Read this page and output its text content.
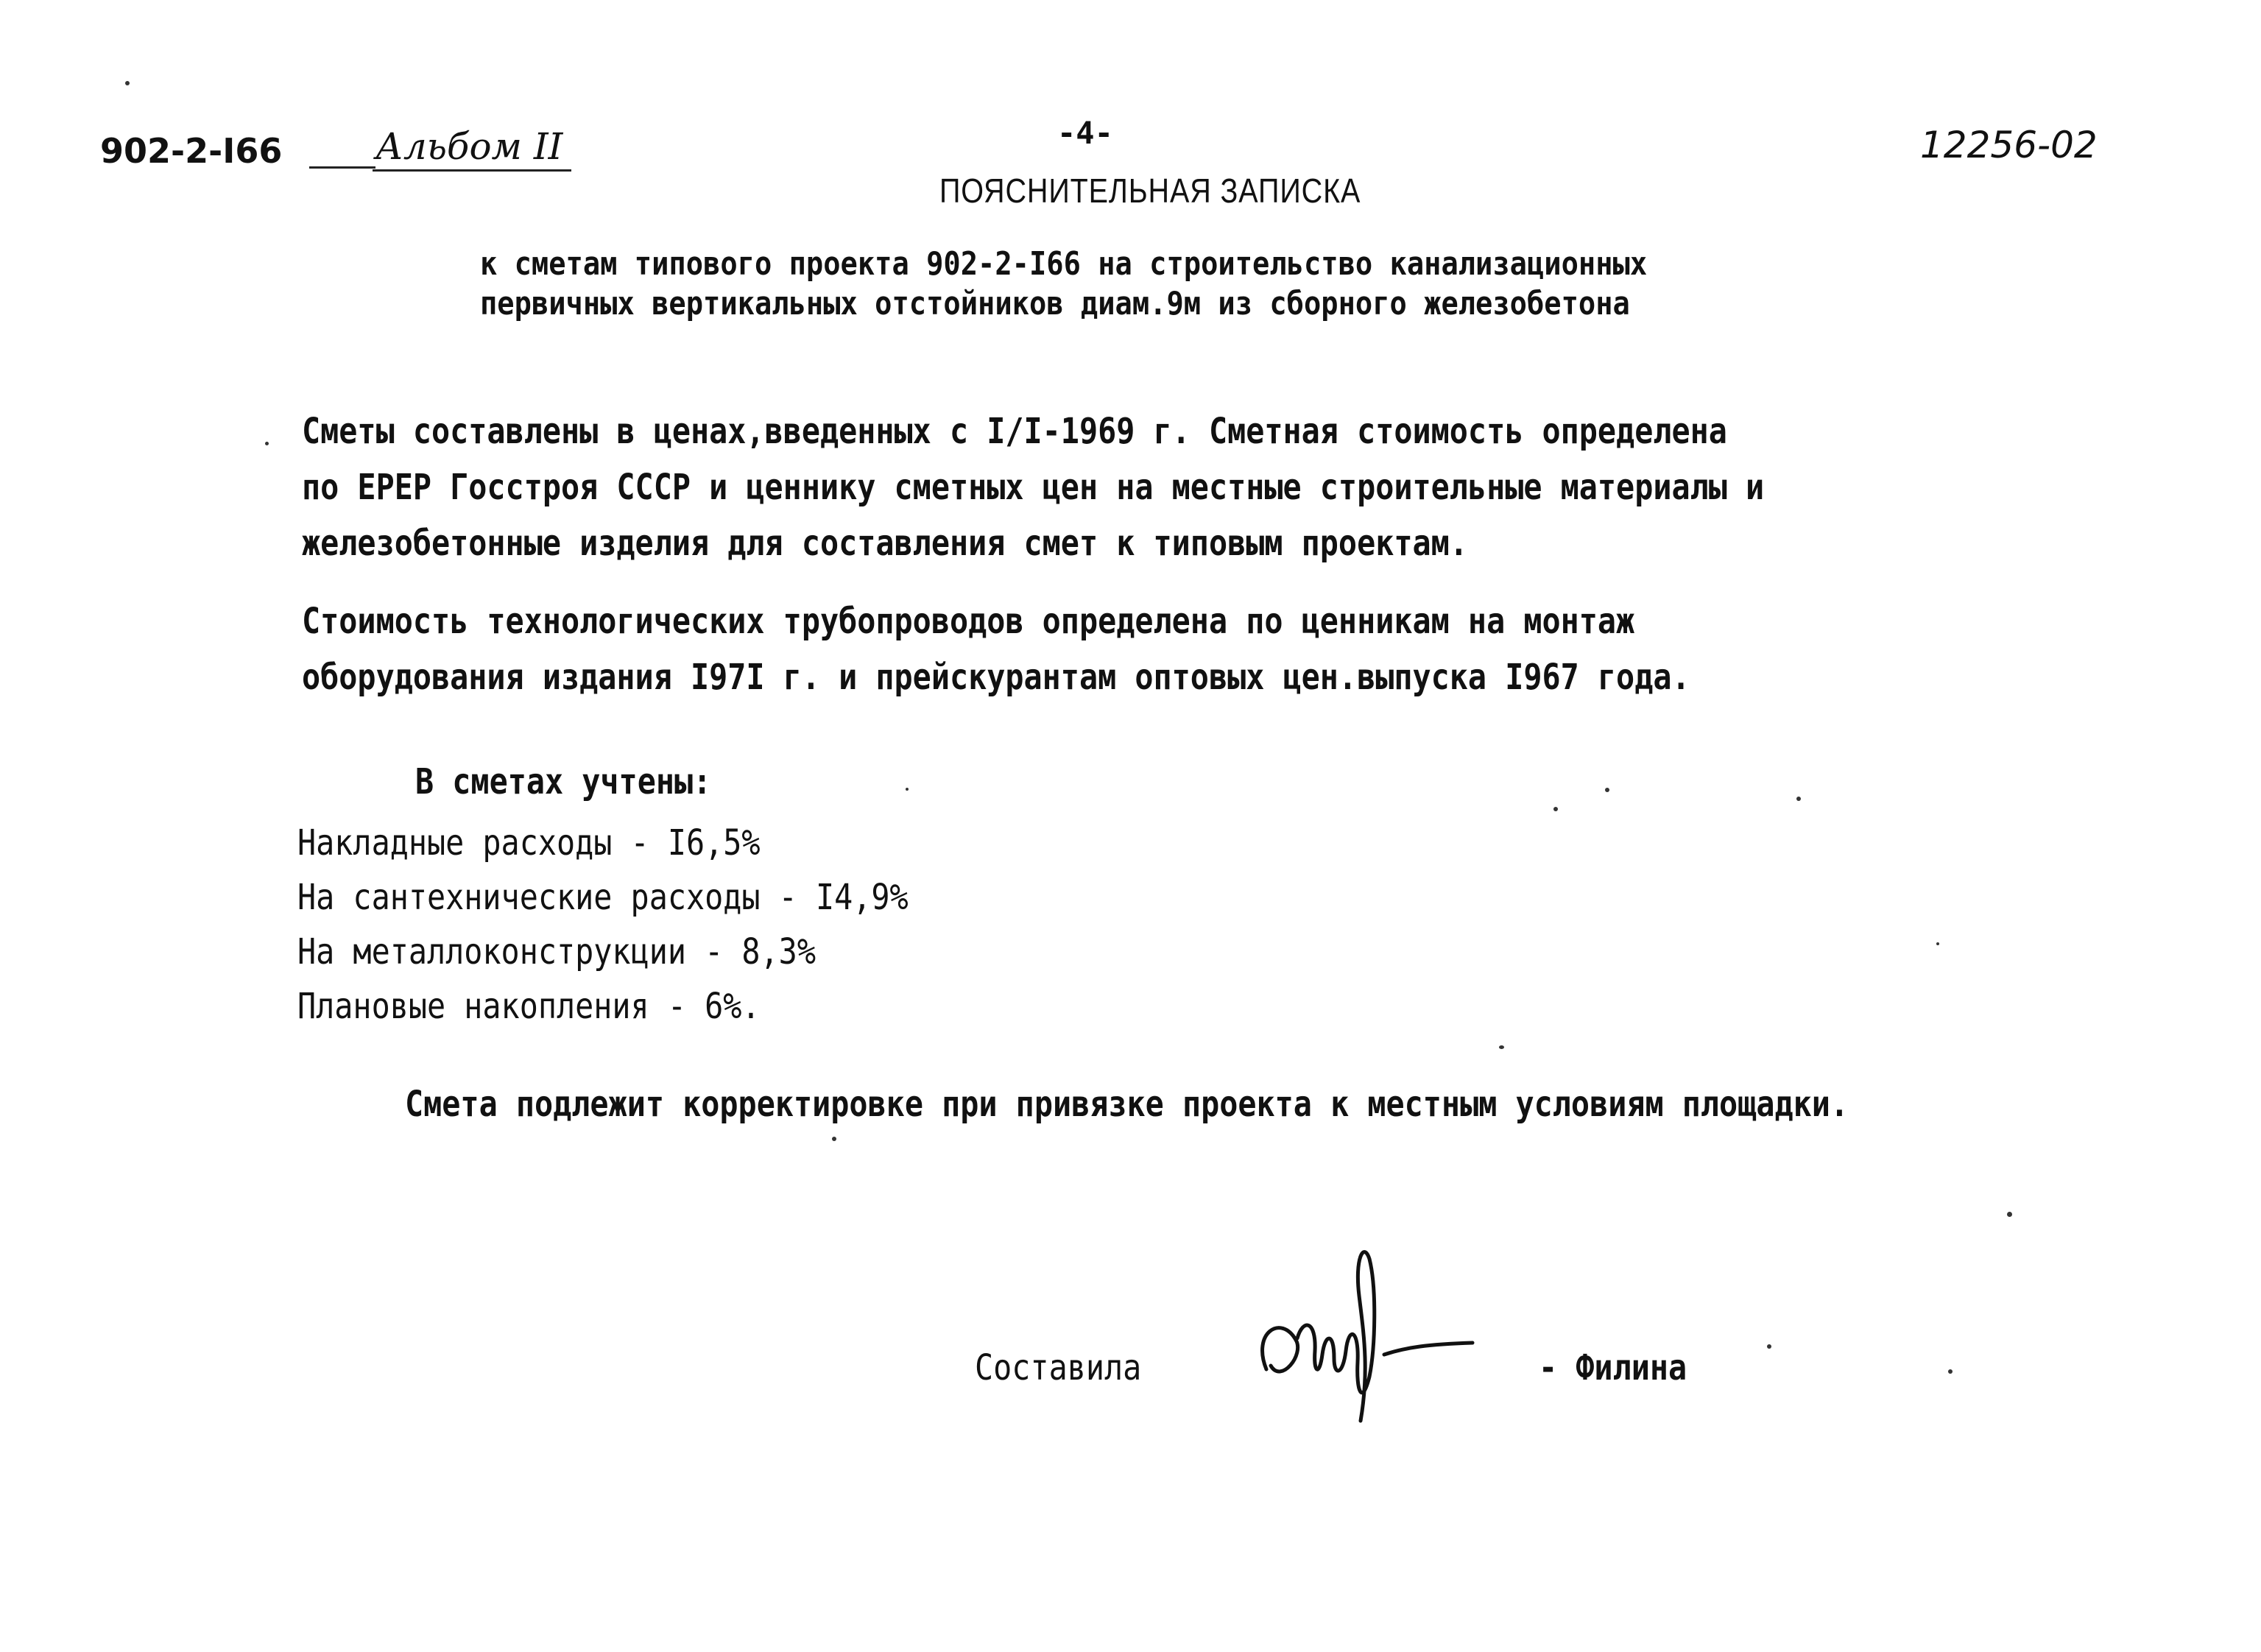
902-2-I66	Альбом II	-4-	12256-02
ПОЯСНИТЕЛЬНАЯ ЗАПИСКА
к сметам типового проекта 902-2-I66 на строительство канализационных
первичных вертикальных отстойников диам.9м из сборного железобетона
Сметы составлены в ценах,введенных с I/I-1969 г. Сметная стоимость определена
по ЕРЕР Госстроя СССР и ценнику сметных цен на местные строительные материалы и
железобетонные изделия для составления смет к типовым проектам.
Стоимость технологических трубопроводов определена по ценникам на монтаж
оборудования издания I97I г. и прейскурантам оптовых цен.выпуска I967 года.
В сметах учтены:
Накладные расходы - I6,5%
На сантехнические расходы - I4,9%
На металлоконструкции - 8,3%
Плановые накопления - 6%.
Смета подлежит корректировке при привязке проекта к местным условиям площадки.
Составила	- Филина
